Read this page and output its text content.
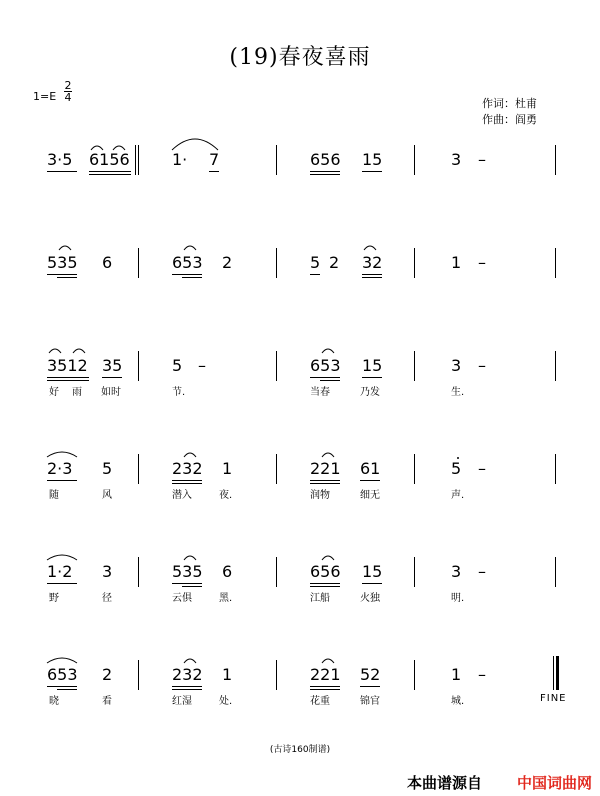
(19)春夜喜雨
1=E
2
4	作词：杜甫
作曲：阎勇
3·5 6156	1· 7	656 15	3 –
535 6	653 2	5 2 32	1 –
3512 35	5 –	653 15	3 –
好 雨 如时	节.	当春	乃发	生.
2·3 5	232 1	221 61	5 –
随	风	潜入	夜.	润物	细无	声.
1·2 3	535 6	656 15	3 –
野	径	云俱	黑.	江船	火独	明.
653 2	232 1	221 52	1 –
晓	看	红湿	处.	花重	锦官	城.	FINE
(古诗160制谱)
本曲谱源自 中国词曲网
